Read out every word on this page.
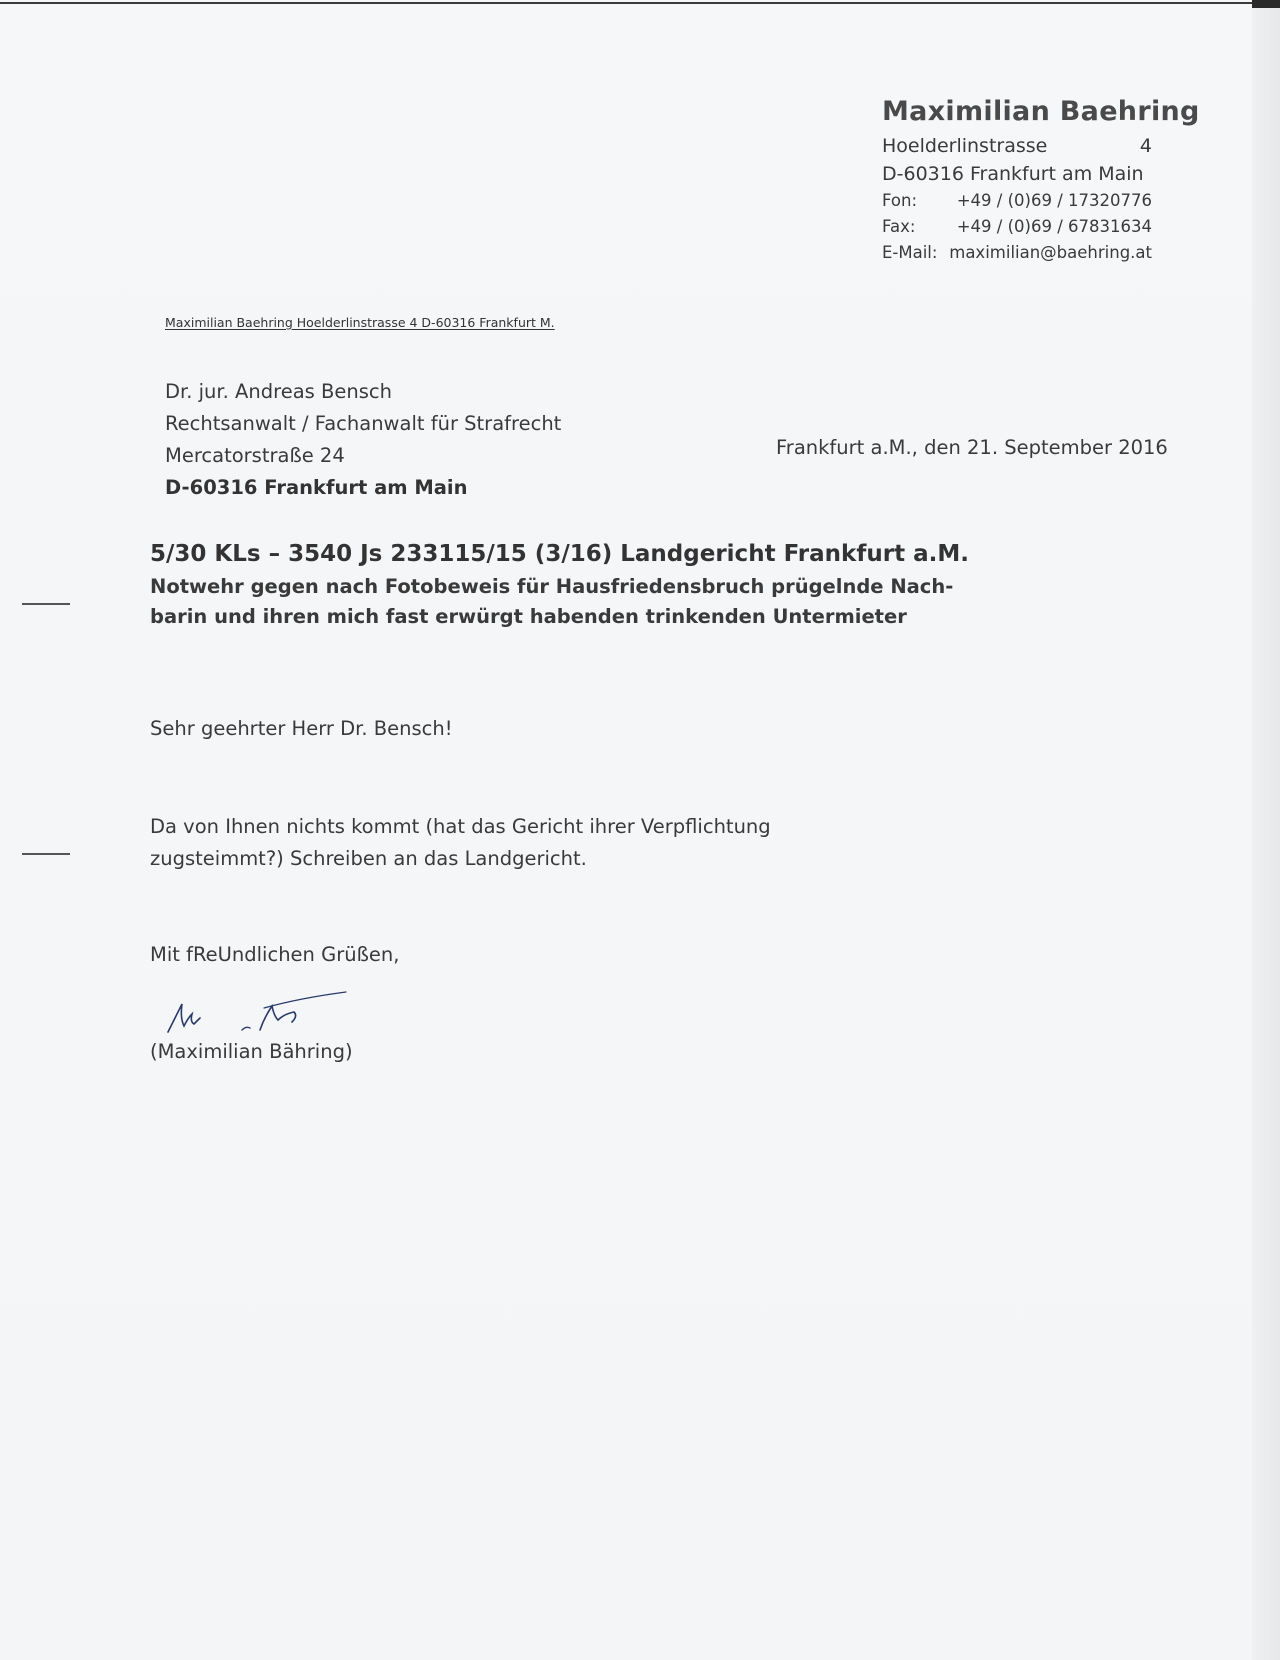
Maximilian Baehring
Hoelderlinstrasse	4
D-60316 Frankfurt am Main
Fon: +49 / (0)69 / 17320776
Fax:	+49 / (0)69 / 67831634
E-Mail: maximilian@baehring.at
Maximilian Baehring Hoelderlinstrasse 4 D-60316 Frankfurt M.
Dr. jur. Andreas Bensch
Rechtsanwalt / Fachanwalt für Strafrecht
Mercatorstraße 24
D-60316 Frankfurt am Main
Frankfurt a.M., den 21. September 2016
5/30 KLs – 3540 Js 233115/15 (3/16) Landgericht Frankfurt a.M.
Notwehr gegen nach Fotobeweis für Hausfriedensbruch prügelnde Nach-
barin und ihren mich fast erwürgt habenden trinkenden Untermieter
Sehr geehrter Herr Dr. Bensch!
Da von Ihnen nichts kommt (hat das Gericht ihrer Verpflichtung
zugsteimmt?) Schreiben an das Landgericht.
Mit fReUndlichen Grüßen,
(Maximilian Bähring)
